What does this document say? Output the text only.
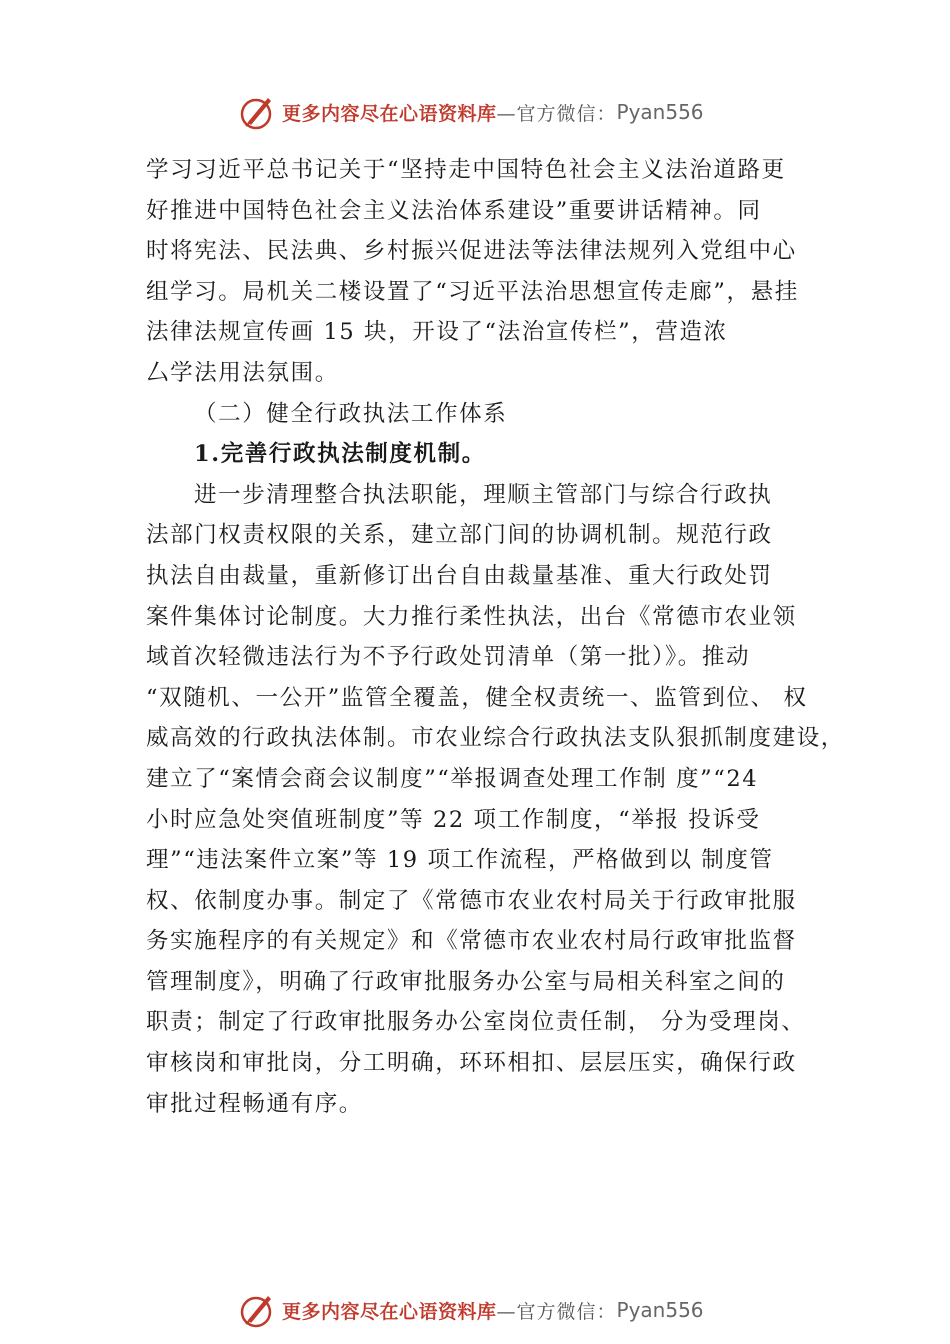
更多内容尽在心语资料库 —官方微信： Pyan556
学习习近平总书记关于“坚持走中国特色社会主义法治道路更
好推进中国特色社会主义法治体系建设”重要讲话精神。同
时将宪法、民法典、乡村振兴促进法等法律法规列入党组中心
组学习。局机关二楼设置了“习近平法治思想宣传走廊”，悬挂
法律法规宣传画 15 块，开设了“法治宣传栏”，营造浓
厶学法用法氛围。
（二）健全行政执法工作体系
1.完善行政执法制度机制。
进一步清理整合执法职能，理顺主管部门与综合行政执
法部门权责权限的关系，建立部门间的协调机制。规范行政
执法自由裁量，重新修订出台自由裁量基准、重大行政处罚
案件集体讨论制度。大力推行柔性执法，出台《常德市农业领
域首次轻微违法行为不予行政处罚清单（第一批）》。推动
“双随机、一公开”监管全覆盖，健全权责统一、监管到位、 权
威高效的行政执法体制。市农业综合行政执法支队狠抓制度建设，
建立了“案情会商会议制度”“举报调查处理工作制 度”“24
小时应急处突值班制度”等 22 项工作制度，“举报 投诉受
理”“违法案件立案”等 19 项工作流程，严格做到以 制度管
权、依制度办事。制定了《常德市农业农村局关于行政审批服
务实施程序的有关规定》和《常德市农业农村局行政审批监督
管理制度》，明确了行政审批服务办公室与局相关科室之间的
职责；制定了行政审批服务办公室岗位责任制， 分为受理岗、
审核岗和审批岗，分工明确，环环相扣、层层压实，确保行政
审批过程畅通有序。
更多内容尽在心语资料库 —官方微信： Pyan556
